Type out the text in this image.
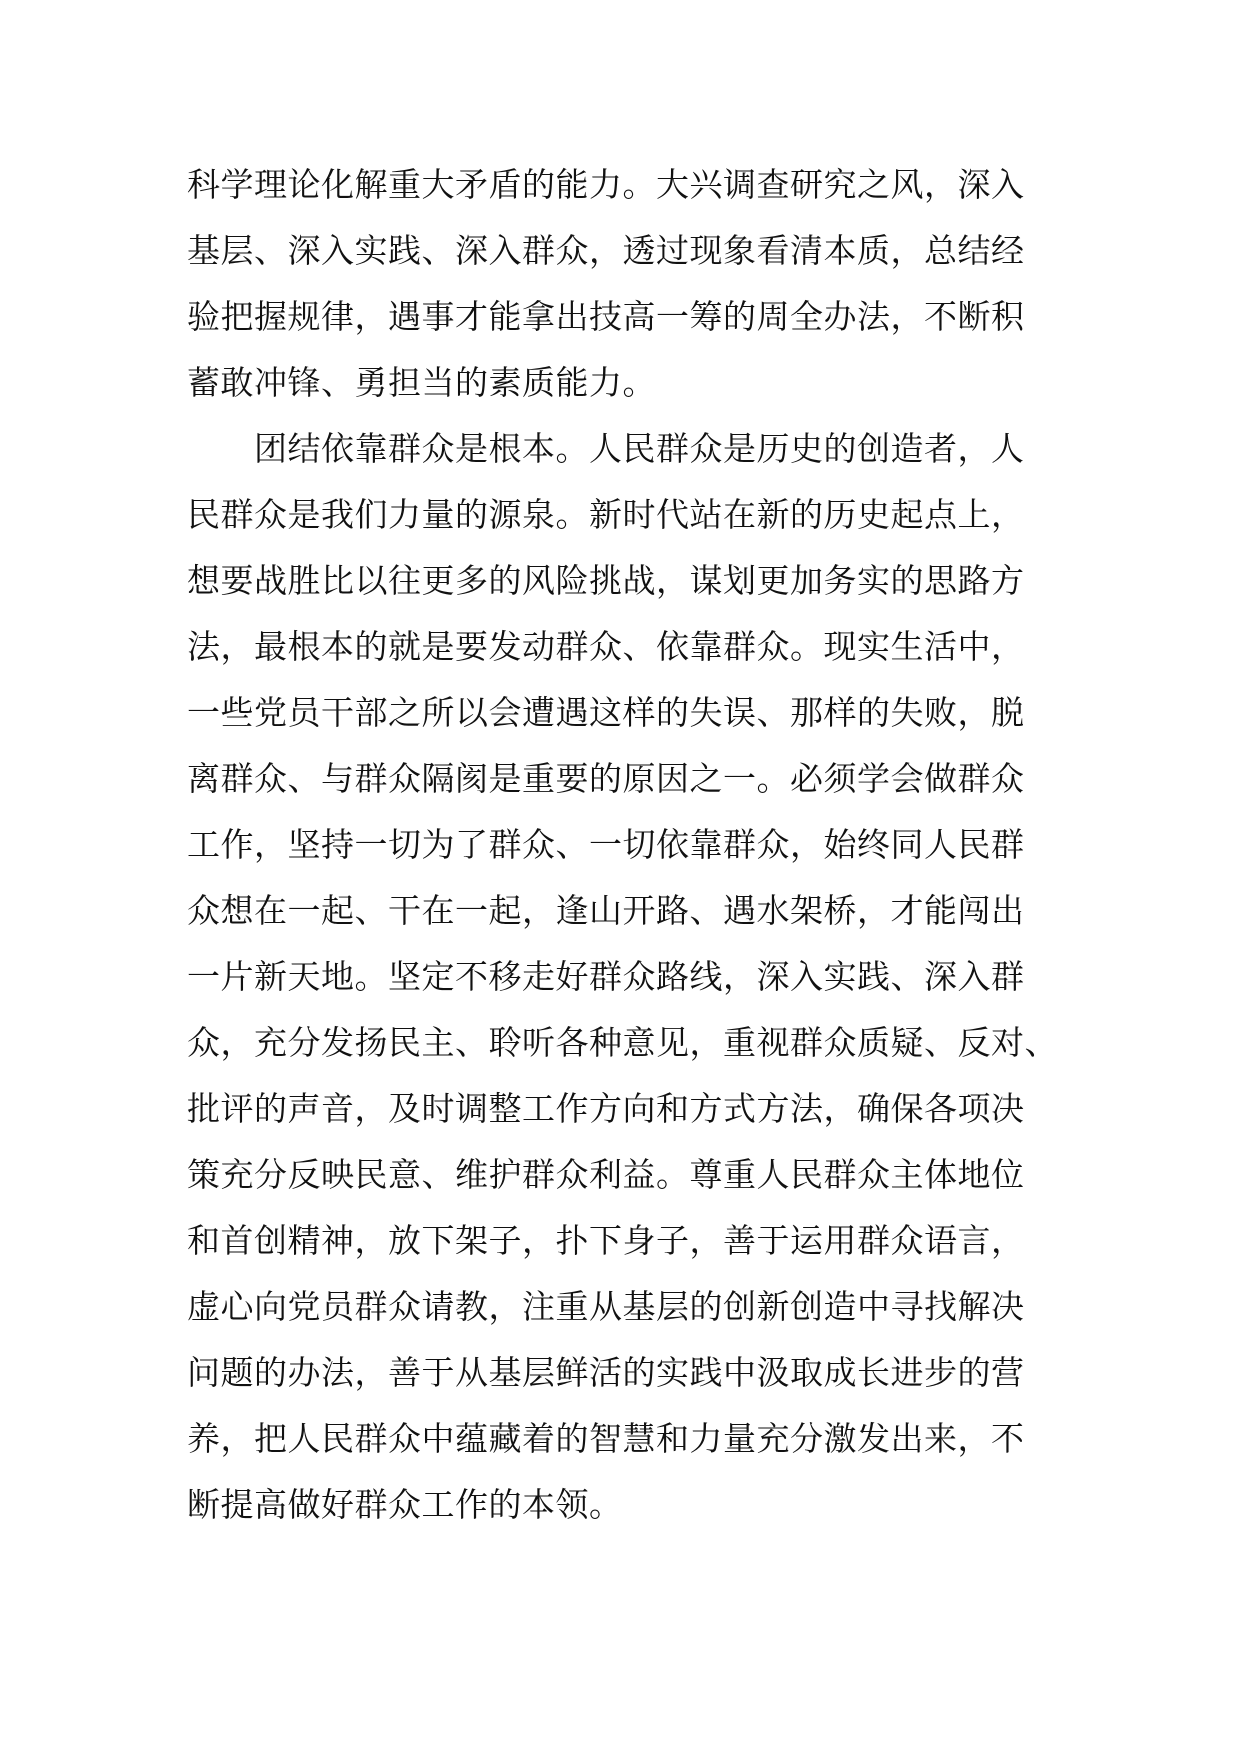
科学理论化解重大矛盾的能力。大兴调查研究之风，深入
基层、深入实践、深入群众，透过现象看清本质，总结经
验把握规律，遇事才能拿出技高一筹的周全办法，不断积
蓄敢冲锋、勇担当的素质能力。
团结依靠群众是根本。人民群众是历史的创造者，人
民群众是我们力量的源泉。新时代站在新的历史起点上，
想要战胜比以往更多的风险挑战，谋划更加务实的思路方
法，最根本的就是要发动群众、依靠群众。现实生活中，
一些党员干部之所以会遭遇这样的失误、那样的失败，脱
离群众、与群众隔阂是重要的原因之一。必须学会做群众
工作，坚持一切为了群众、一切依靠群众，始终同人民群
众想在一起、干在一起，逢山开路、遇水架桥，才能闯出
一片新天地。坚定不移走好群众路线，深入实践、深入群
众，充分发扬民主、聆听各种意见，重视群众质疑、反对、
批评的声音，及时调整工作方向和方式方法，确保各项决
策充分反映民意、维护群众利益。尊重人民群众主体地位
和首创精神，放下架子，扑下身子，善于运用群众语言，
虚心向党员群众请教，注重从基层的创新创造中寻找解决
问题的办法，善于从基层鲜活的实践中汲取成长进步的营
养，把人民群众中蕴藏着的智慧和力量充分激发出来，不
断提高做好群众工作的本领。
